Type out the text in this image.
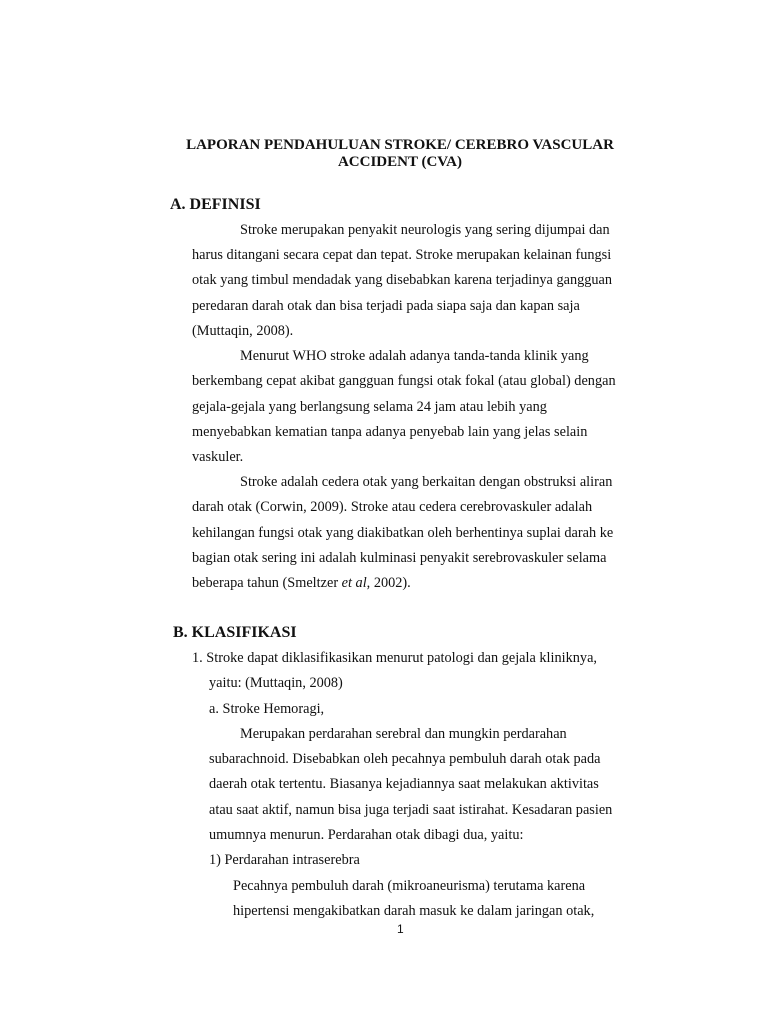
LAPORAN PENDAHULUAN STROKE/ CEREBRO VASCULAR
ACCIDENT (CVA)
A. DEFINISI
Stroke merupakan penyakit neurologis yang sering dijumpai dan
harus ditangani secara cepat dan tepat. Stroke merupakan kelainan fungsi
otak yang timbul mendadak yang disebabkan karena terjadinya gangguan
peredaran darah otak dan bisa terjadi pada siapa saja dan kapan saja
(Muttaqin, 2008).
Menurut WHO stroke adalah adanya tanda-tanda klinik yang
berkembang cepat akibat gangguan fungsi otak fokal (atau global) dengan
gejala-gejala yang berlangsung selama 24 jam atau lebih yang
menyebabkan kematian tanpa adanya penyebab lain yang jelas selain
vaskuler.
Stroke adalah cedera otak yang berkaitan dengan obstruksi aliran
darah otak (Corwin, 2009). Stroke atau cedera cerebrovaskuler adalah
kehilangan fungsi otak yang diakibatkan oleh berhentinya suplai darah ke
bagian otak sering ini adalah kulminasi penyakit serebrovaskuler selama
beberapa tahun (Smeltzer et al, 2002).
B. KLASIFIKASI
1. Stroke dapat diklasifikasikan menurut patologi dan gejala kliniknya,
yaitu: (Muttaqin, 2008)
a. Stroke Hemoragi,
Merupakan perdarahan serebral dan mungkin perdarahan
subarachnoid. Disebabkan oleh pecahnya pembuluh darah otak pada
daerah otak tertentu. Biasanya kejadiannya saat melakukan aktivitas
atau saat aktif, namun bisa juga terjadi saat istirahat. Kesadaran pasien
umumnya menurun. Perdarahan otak dibagi dua, yaitu:
1) Perdarahan intraserebra
Pecahnya pembuluh darah (mikroaneurisma) terutama karena
hipertensi mengakibatkan darah masuk ke dalam jaringan otak,
1
